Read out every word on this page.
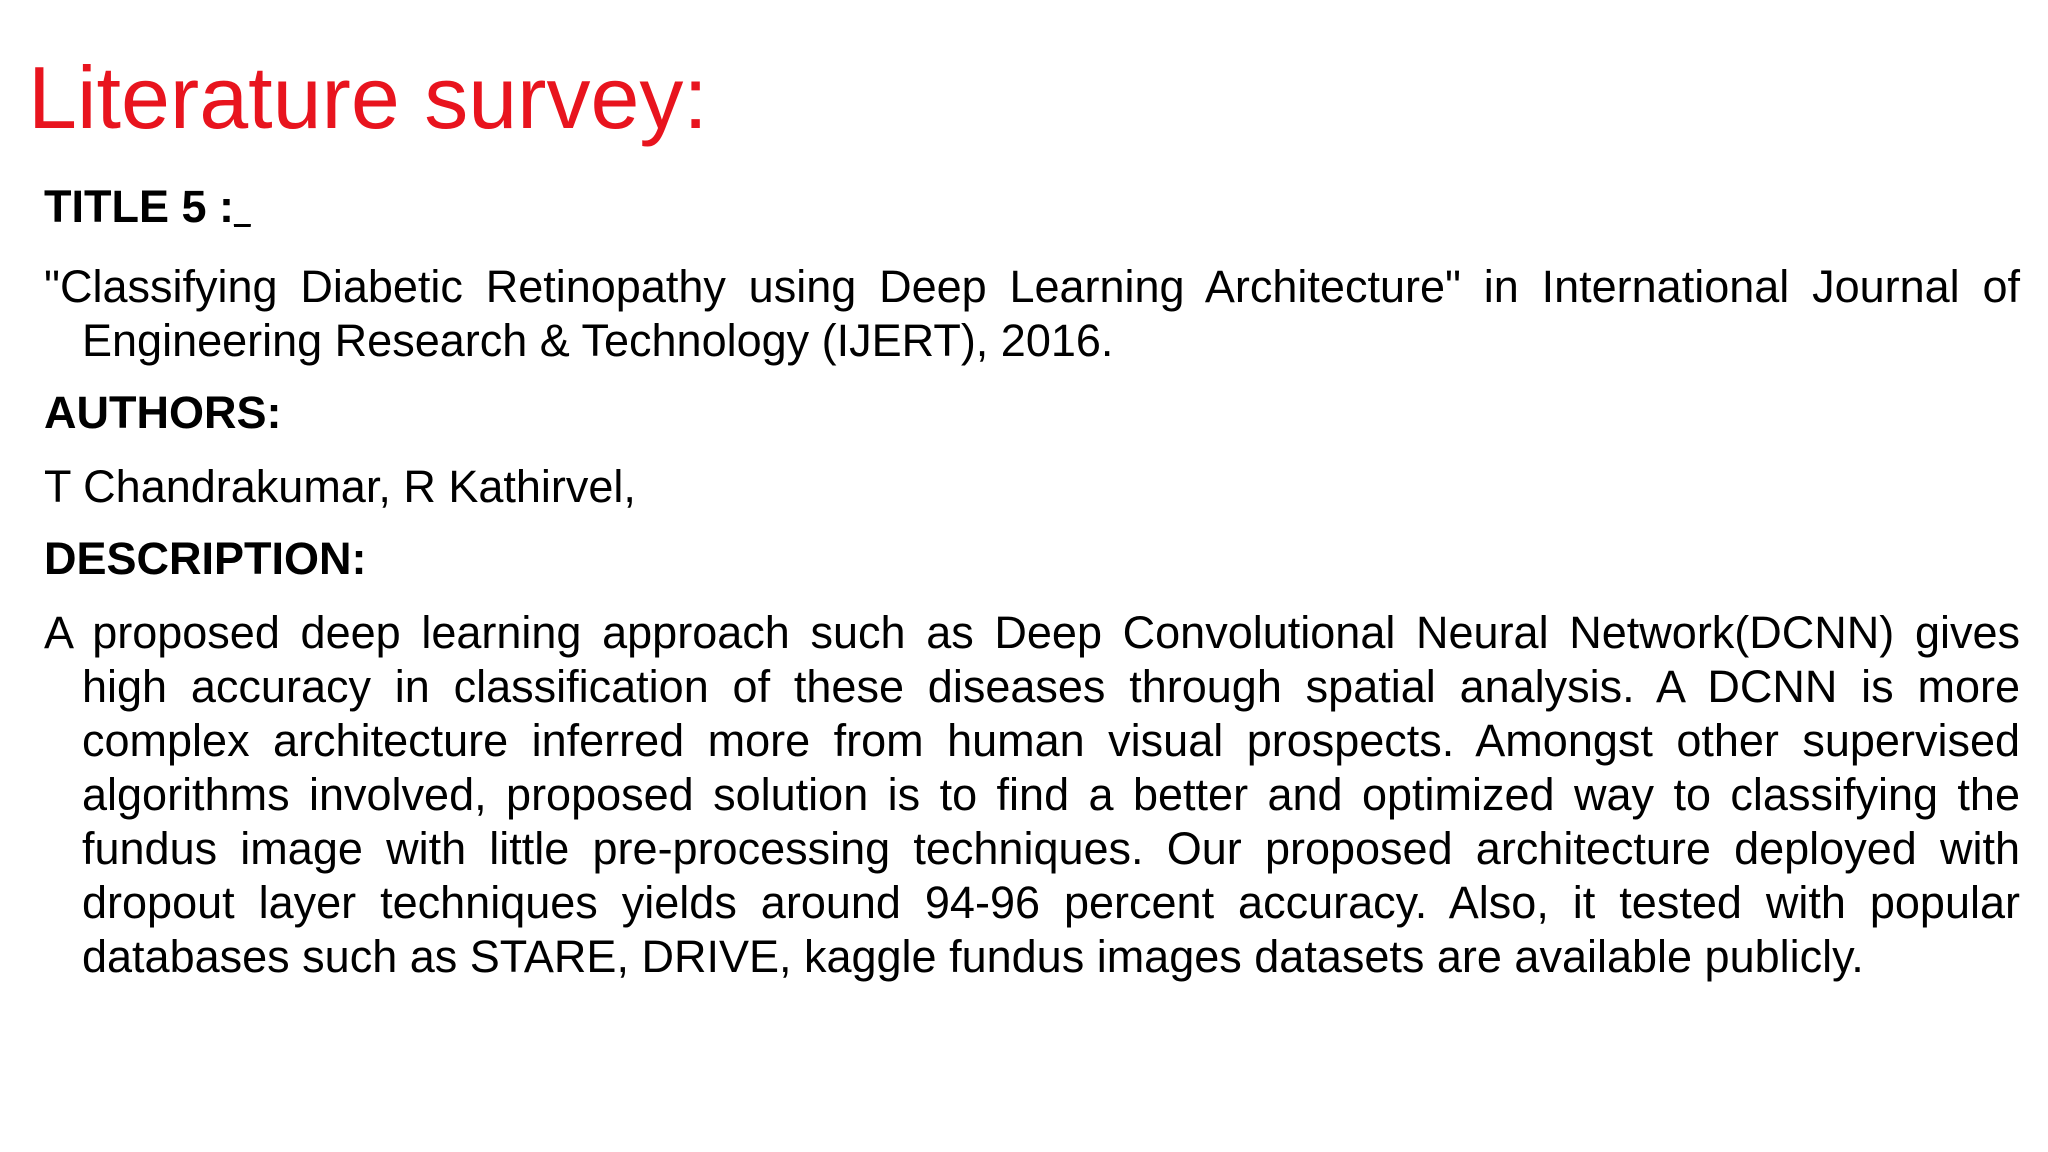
Literature survey:
TITLE 5 :_
"Classifying Diabetic Retinopathy using Deep Learning Architecture" in International Journal of Engineering Research & Technology (IJERT), 2016.
AUTHORS:
T Chandrakumar, R Kathirvel,
DESCRIPTION:
A proposed deep learning approach such as Deep Convolutional Neural Network(DCNN) gives high accuracy in classification of these diseases through spatial analysis. A DCNN is more complex architecture inferred more from human visual prospects. Amongst other supervised algorithms involved, proposed solution is to find a better and optimized way to classifying the fundus image with little pre-processing techniques. Our proposed architecture deployed with dropout layer techniques yields around 94-96 percent accuracy. Also, it tested with popular databases such as STARE, DRIVE, kaggle fundus images datasets are available publicly.
